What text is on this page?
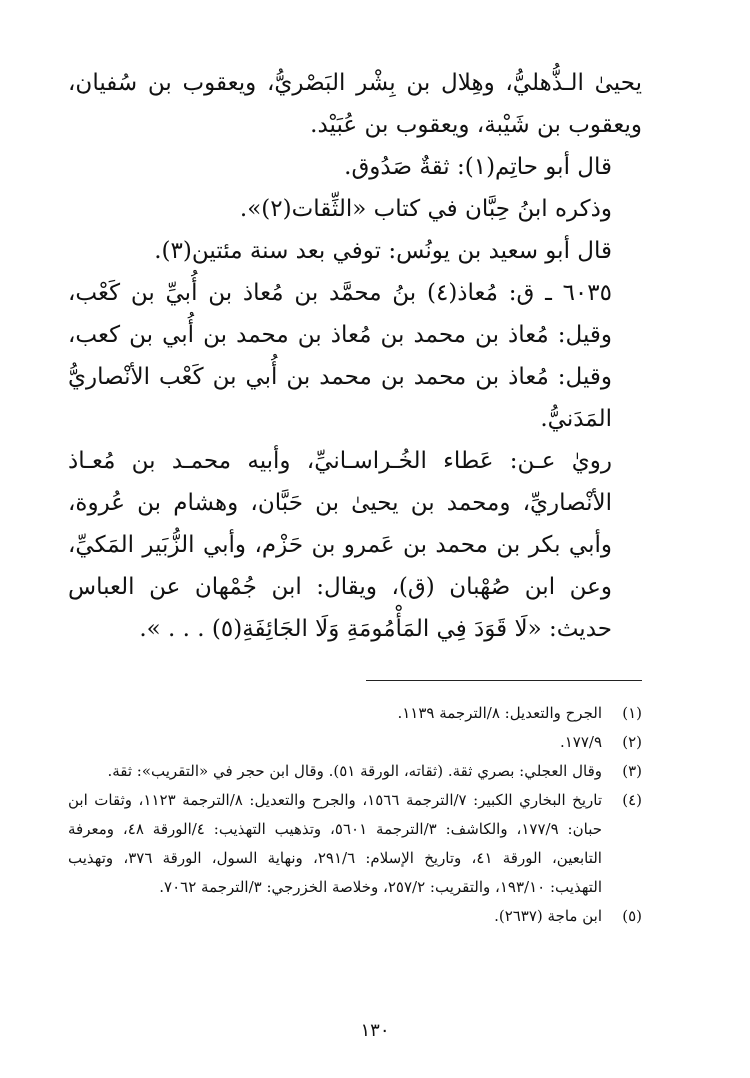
يحيىٰ الـذُّهليُّ، وهِلال بن بِشْر البَصْريُّ، ويعقوب بن سُفيان، ويعقوب بن شَيْبة، ويعقوب بن عُبَيْد.

قال أبو حاتِم(١): ثقةٌ صَدُوق.

وذكره ابنُ حِبَّان في كتاب «الثِّقات(٢)».

قال أبو سعيد بن يونُس: توفي بعد سنة مئتين(٣).

٦٠٣٥ ـ ق: مُعاذ(٤) بنُ محمَّد بن مُعاذ بن أُبيِّ بن كَعْب، وقيل: مُعاذ بن محمد بن مُعاذ بن محمد بن أُبي بن كعب، وقيل: مُعاذ بن محمد بن محمد بن أُبي بن كَعْب الأنْصاريُّ المَدَنيُّ.

رويٰ عـن: عَطاء الخُـراسـانيِّ، وأبيه محمـد بن مُعـاذ الأنْصاريِّ، ومحمد بن يحيىٰ بن حَبَّان، وهشام بن عُروة، وأبي بكر بن محمد بن عَمرو بن حَزْم، وأبي الزُّبَير المَكيِّ، وعن ابن صُهْبان (ق)، ويقال: ابن جُمْهان عن العباس حديث: «لَا قَوَدَ فِي المَأْمُومَةِ وَلَا الجَائِفَةِ(٥) . . . ».

(١)
الجرح والتعديل: ٨/الترجمة ١١٣٩.
(٢)
١٧٧/٩.
(٣)
وقال العجلي: بصري ثقة. (ثقاته، الورقة ٥١). وقال ابن حجر في «التقريب»: ثقة.
(٤)
تاريخ البخاري الكبير: ٧/الترجمة ١٥٦٦، والجرح والتعديل: ٨/الترجمة ١١٢٣، وثقات ابن حبان: ١٧٧/٩، والكاشف: ٣/الترجمة ٥٦٠١، وتذهيب التهذيب: ٤/الورقة ٤٨، ومعرفة التابعين، الورقة ٤١، وتاريخ الإسلام: ٢٩١/٦، ونهاية السول، الورقة ٣٧٦، وتهذيب التهذيب: ١٩٣/١٠، والتقريب: ٢٥٧/٢، وخلاصة الخزرجي: ٣/الترجمة ٧٠٦٢.
(٥)
ابن ماجة (٢٦٣٧).
١٣٠
